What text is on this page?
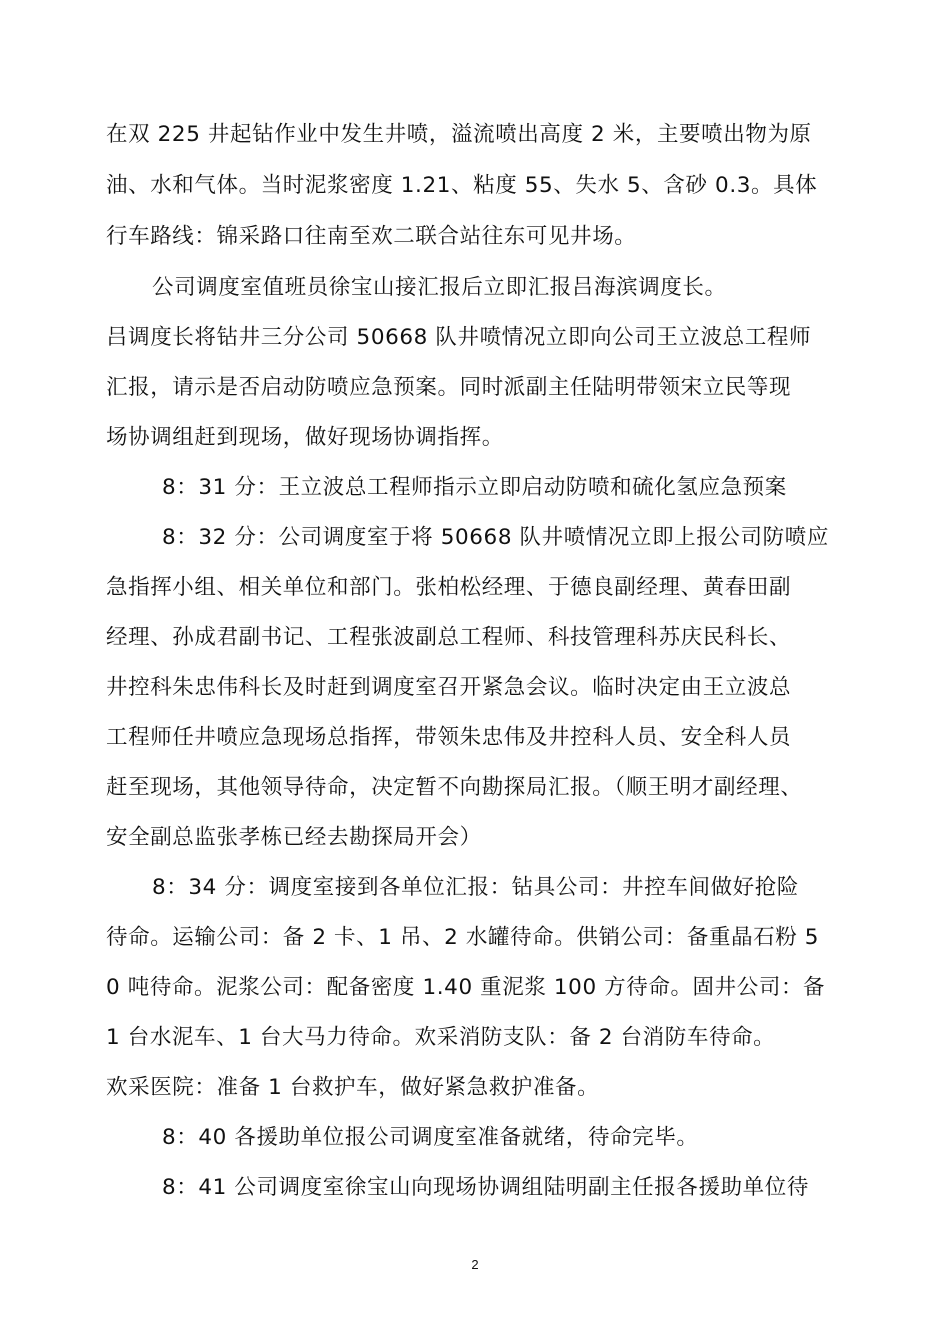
在双 225 井起钻作业中发生井喷，溢流喷出高度 2 米，主要喷出物为原
油、水和气体。当时泥浆密度 1.21、粘度 55、失水 5、含砂 0.3。具体
行车路线：锦采路口往南至欢二联合站往东可见井场。
公司调度室值班员徐宝山接汇报后立即汇报吕海滨调度长。
吕调度长将钻井三分公司 50668 队井喷情况立即向公司王立波总工程师
汇报，请示是否启动防喷应急预案。同时派副主任陆明带领宋立民等现
场协调组赶到现场，做好现场协调指挥。
8：31 分：王立波总工程师指示立即启动防喷和硫化氢应急预案
8：32 分：公司调度室于将 50668 队井喷情况立即上报公司防喷应
急指挥小组、相关单位和部门。张柏松经理、于德良副经理、黄春田副
经理、孙成君副书记、工程张波副总工程师、科技管理科苏庆民科长、
井控科朱忠伟科长及时赶到调度室召开紧急会议。临时决定由王立波总
工程师任井喷应急现场总指挥，带领朱忠伟及井控科人员、安全科人员
赶至现场，其他领导待命，决定暂不向勘探局汇报。（顺王明才副经理、
安全副总监张孝栋已经去勘探局开会）
8：34 分：调度室接到各单位汇报：钻具公司：井控车间做好抢险
待命。运输公司：备 2 卡、1 吊、2 水罐待命。供销公司：备重晶石粉 5
0 吨待命。泥浆公司：配备密度 1.40 重泥浆 100 方待命。固井公司：备
1 台水泥车、1 台大马力待命。欢采消防支队：备 2 台消防车待命。
欢采医院：准备 1 台救护车，做好紧急救护准备。
8：40 各援助单位报公司调度室准备就绪，待命完毕。
8：41 公司调度室徐宝山向现场协调组陆明副主任报各援助单位待
2
